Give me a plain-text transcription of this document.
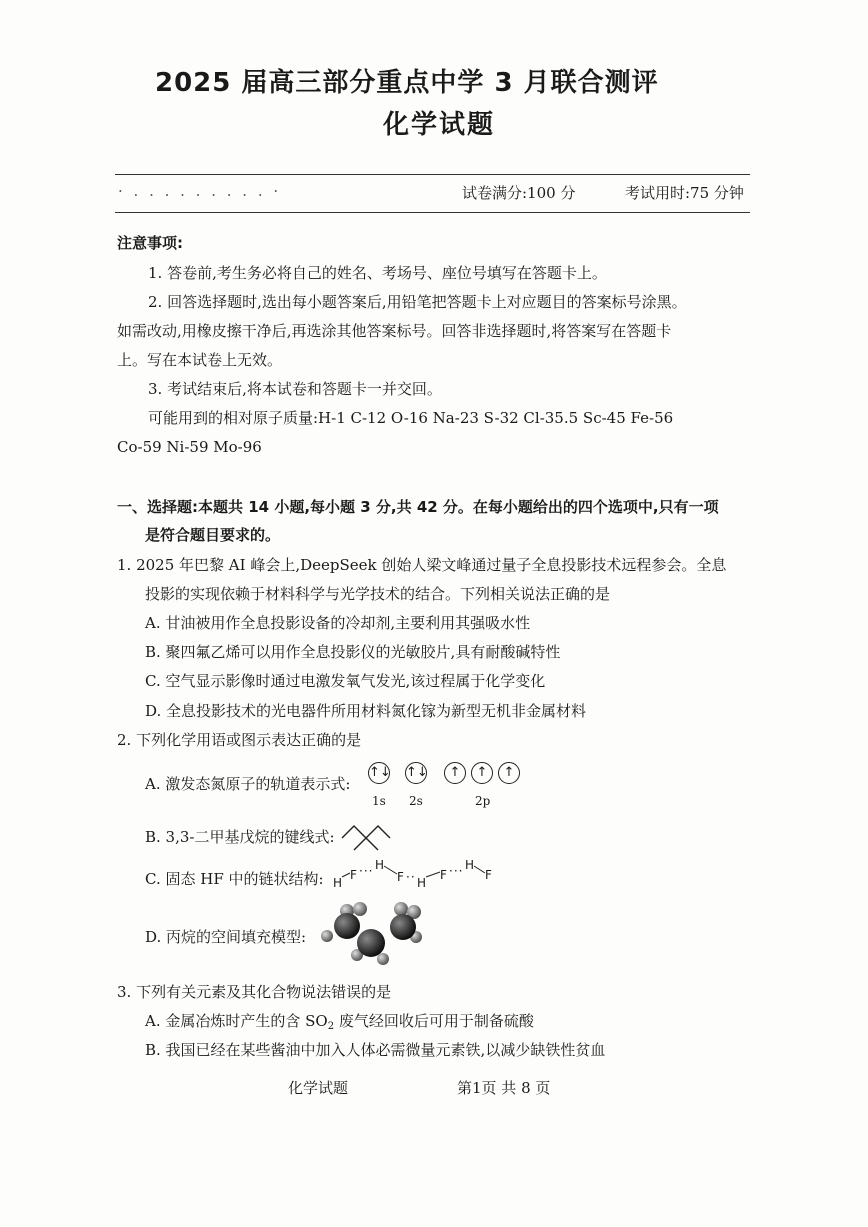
2025 届高三部分重点中学 3 月联合测评
化学试题
· . . . . . . . . . ·	试卷满分:100 分	考试用时:75 分钟
注意事项:
1. 答卷前,考生务必将自己的姓名、考场号、座位号填写在答题卡上。
2. 回答选择题时,选出每小题答案后,用铅笔把答题卡上对应题目的答案标号涂黑。
如需改动,用橡皮擦干净后,再选涂其他答案标号。回答非选择题时,将答案写在答题卡
上。写在本试卷上无效。
3. 考试结束后,将本试卷和答题卡一并交回。
可能用到的相对原子质量:H-1 C-12 O-16 Na-23 S-32 Cl-35.5 Sc-45 Fe-56
Co-59 Ni-59 Mo-96
一、选择题:本题共 14 小题,每小题 3 分,共 42 分。在每小题给出的四个选项中,只有一项
是符合题目要求的。
1. 2025 年巴黎 AI 峰会上,DeepSeek 创始人梁文峰通过量子全息投影技术远程参会。全息
投影的实现依赖于材料科学与光学技术的结合。下列相关说法正确的是
A. 甘油被用作全息投影设备的冷却剂,主要利用其强吸水性
B. 聚四氟乙烯可以用作全息投影仪的光敏胶片,具有耐酸碱特性
C. 空气显示影像时通过电激发氧气发光,该过程属于化学变化
D. 全息投影技术的光电器件所用材料氮化镓为新型无机非金属材料
2. 下列化学用语或图示表达正确的是
A. 激发态氮原子的轨道表示式:
↑↓ ↑↓	↑	↑	↑
1s 2s	2p
B. 3,3-二甲基戊烷的键线式:
C. 固态 HF 中的链状结构: H
F ··· H
F ·· H
F ··· H
F
D. 丙烷的空间填充模型:
3. 下列有关元素及其化合物说法错误的是
A. 金属冶炼时产生的含 $SO_2$ 废气经回收后可用于制备硫酸
B. 我国已经在某些酱油中加入人体必需微量元素铁,以减少缺铁性贫血
化学试题	第1页 共 8 页
